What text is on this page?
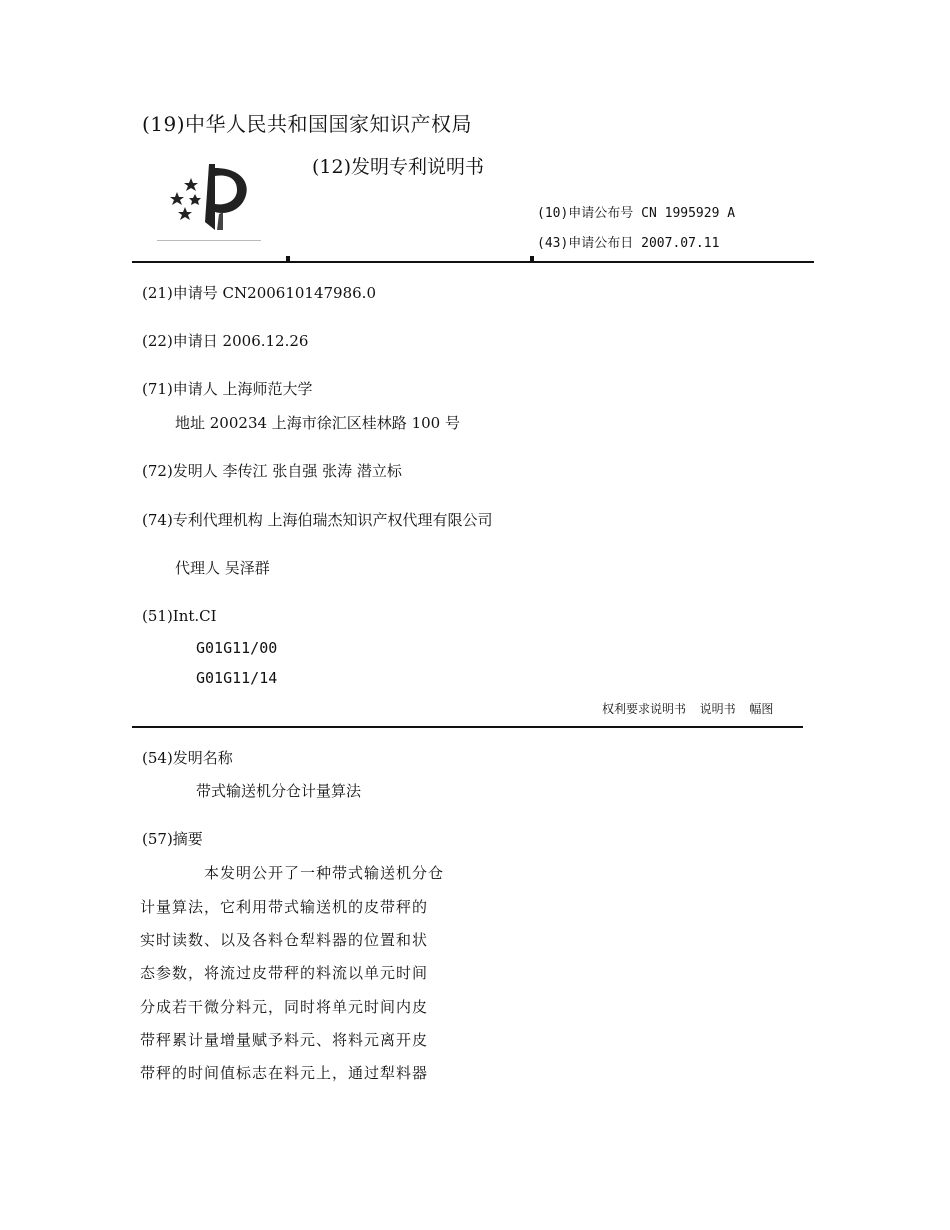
(19)中华人民共和国国家知识产权局
(12)发明专利说明书
(10)申请公布号 CN 1995929 A
(43)申请公布日 2007.07.11
(21)申请号 CN200610147986.0
(22)申请日 2006.12.26
(71)申请人 上海师范大学
地址 200234 上海市徐汇区桂林路 100 号
(72)发明人 李传江 张自强 张涛 潜立标
(74)专利代理机构 上海伯瑞杰知识产权代理有限公司
代理人 吴泽群
(51)Int.CI
G01G11/00
G01G11/14
权利要求说明书 说明书 幅图
(54)发明名称
带式输送机分仓计量算法
(57)摘要
本发明公开了一种带式输送机分仓
计量算法，它利用带式输送机的皮带秤的
实时读数、以及各料仓犁料器的位置和状
态参数，将流过皮带秤的料流以单元时间
分成若干微分料元，同时将单元时间内皮
带秤累计量增量赋予料元、将料元离开皮
带秤的时间值标志在料元上，通过犁料器
